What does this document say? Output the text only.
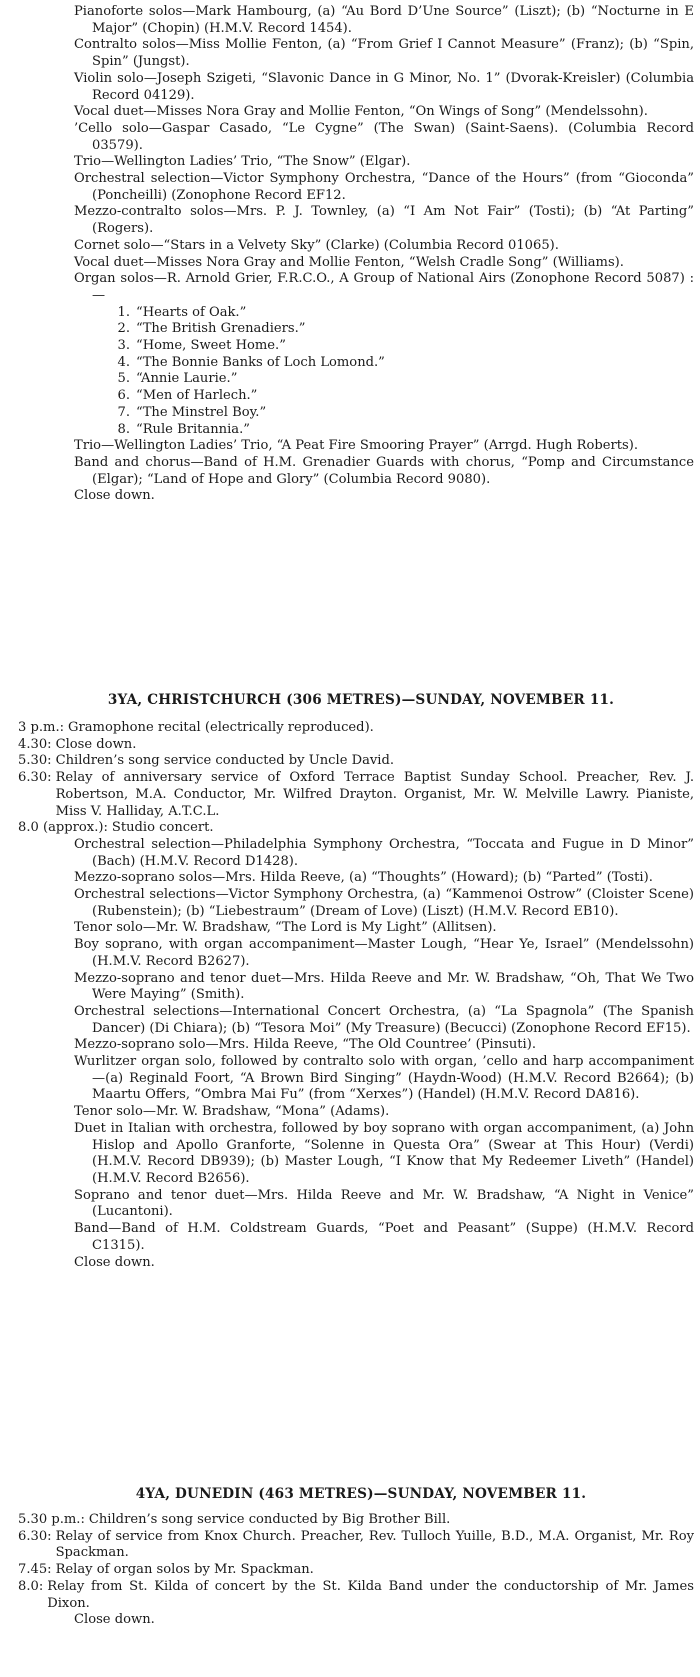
Pianoforte solos—Mark Hambourg, (a) “Au Bord D’Une Source” (Liszt); (b) “Nocturne in E Major” (Chopin) (H.M.V. Record 1454).
Contralto solos—Miss Mollie Fenton, (a) “From Grief I Cannot Measure” (Franz); (b) “Spin, Spin” (Jungst).
Violin solo—Joseph Szigeti, “Slavonic Dance in G Minor, No. 1” (Dvorak-Kreisler) (Columbia Record 04129).
Vocal duet—Misses Nora Gray and Mollie Fenton, “On Wings of Song” (Mendelssohn).
’Cello solo—Gaspar Casado, “Le Cygne” (The Swan) (Saint-Saens). (Columbia Record 03579).
Trio—Wellington Ladies’ Trio, “The Snow” (Elgar).
Orchestral selection—Victor Symphony Orchestra, “Dance of the Hours” (from “Gioconda” (Poncheilli) (Zonophone Record EF12.
Mezzo-contralto solos—Mrs. P. J. Townley, (a) “I Am Not Fair” (Tosti); (b) “At Parting” (Rogers).
Cornet solo—“Stars in a Velvety Sky” (Clarke) (Columbia Record 01065).
Vocal duet—Misses Nora Gray and Mollie Fenton, “Welsh Cradle Song” (Williams).
Organ solos—R. Arnold Grier, F.R.C.O., A Group of National Airs (Zonophone Record 5087) :—
1. “Hearts of Oak.”
2. “The British Grenadiers.”
3. “Home, Sweet Home.”
4. “The Bonnie Banks of Loch Lomond.”
5. “Annie Laurie.”
6. “Men of Harlech.”
7. “The Minstrel Boy.”
8. “Rule Britannia.”
Trio—Wellington Ladies’ Trio, “A Peat Fire Smooring Prayer” (Arrgd. Hugh Roberts).
Band and chorus—Band of H.M. Grenadier Guards with chorus, “Pomp and Circumstance (Elgar); “Land of Hope and Glory” (Columbia Record 9080).

Close down.

3YA, CHRISTCHURCH (306 METRES)—SUNDAY, NOVEMBER 11.
3 p.m.: Gramophone recital (electrically reproduced).
4.30: Close down.
5.30: Children’s song service conducted by Uncle David.
6.30: Relay of anniversary service of Oxford Terrace Baptist Sunday School. Preacher, Rev. J. Robertson, M.A. Conductor, Mr. Wilfred Drayton. Organist, Mr. W. Melville Lawry. Pianiste, Miss V. Halliday, A.T.C.L.
8.0 (approx.): Studio concert.
Orchestral selection—Philadelphia Symphony Orchestra, “Toccata and Fugue in D Minor” (Bach) (H.M.V. Record D1428).
Mezzo-soprano solos—Mrs. Hilda Reeve, (a) “Thoughts” (Howard); (b) “Parted” (Tosti).
Orchestral selections—Victor Symphony Orchestra, (a) “Kammenoi Ostrow” (Cloister Scene) (Rubenstein); (b) “Liebestraum” (Dream of Love) (Liszt) (H.M.V. Record EB10).
Tenor solo—Mr. W. Bradshaw, “The Lord is My Light” (Allitsen).
Boy soprano, with organ accompaniment—Master Lough, “Hear Ye, Israel” (Mendelssohn) (H.M.V. Record B2627).
Mezzo-soprano and tenor duet—Mrs. Hilda Reeve and Mr. W. Bradshaw, “Oh, That We Two Were Maying” (Smith).
Orchestral selections—International Concert Orchestra, (a) “La Spagnola” (The Spanish Dancer) (Di Chiara); (b) “Tesora Moi” (My Treasure) (Becucci) (Zonophone Record EF15).
Mezzo-soprano solo—Mrs. Hilda Reeve, “The Old Countree’ (Pinsuti).
Wurlitzer organ solo, followed by contralto solo with organ, ’cello and harp accompaniment—(a) Reginald Foort, “A Brown Bird Singing” (Haydn-Wood) (H.M.V. Record B2664); (b) Maartu Offers, “Ombra Mai Fu” (from “Xerxes”) (Handel) (H.M.V. Record DA816).
Tenor solo—Mr. W. Bradshaw, “Mona” (Adams).
Duet in Italian with orchestra, followed by boy soprano with organ accompaniment, (a) John Hislop and Apollo Granforte, “Solenne in Questa Ora” (Swear at This Hour) (Verdi) (H.M.V. Record DB939); (b) Master Lough, “I Know that My Redeemer Liveth” (Handel) (H.M.V. Record B2656).
Soprano and tenor duet—Mrs. Hilda Reeve and Mr. W. Bradshaw, “A Night in Venice” (Lucantoni).
Band—Band of H.M. Coldstream Guards, “Poet and Peasant” (Suppe) (H.M.V. Record C1315).

Close down.

4YA, DUNEDIN (463 METRES)—SUNDAY, NOVEMBER 11.
5.30 p.m.: Children’s song service conducted by Big Brother Bill.
6.30: Relay of service from Knox Church. Preacher, Rev. Tulloch Yuille, B.D., M.A. Organist, Mr. Roy Spackman.
7.45: Relay of organ solos by Mr. Spackman.
8.0: Relay from St. Kilda of concert by the St. Kilda Band under the conductorship of Mr. James Dixon.

Close down.
